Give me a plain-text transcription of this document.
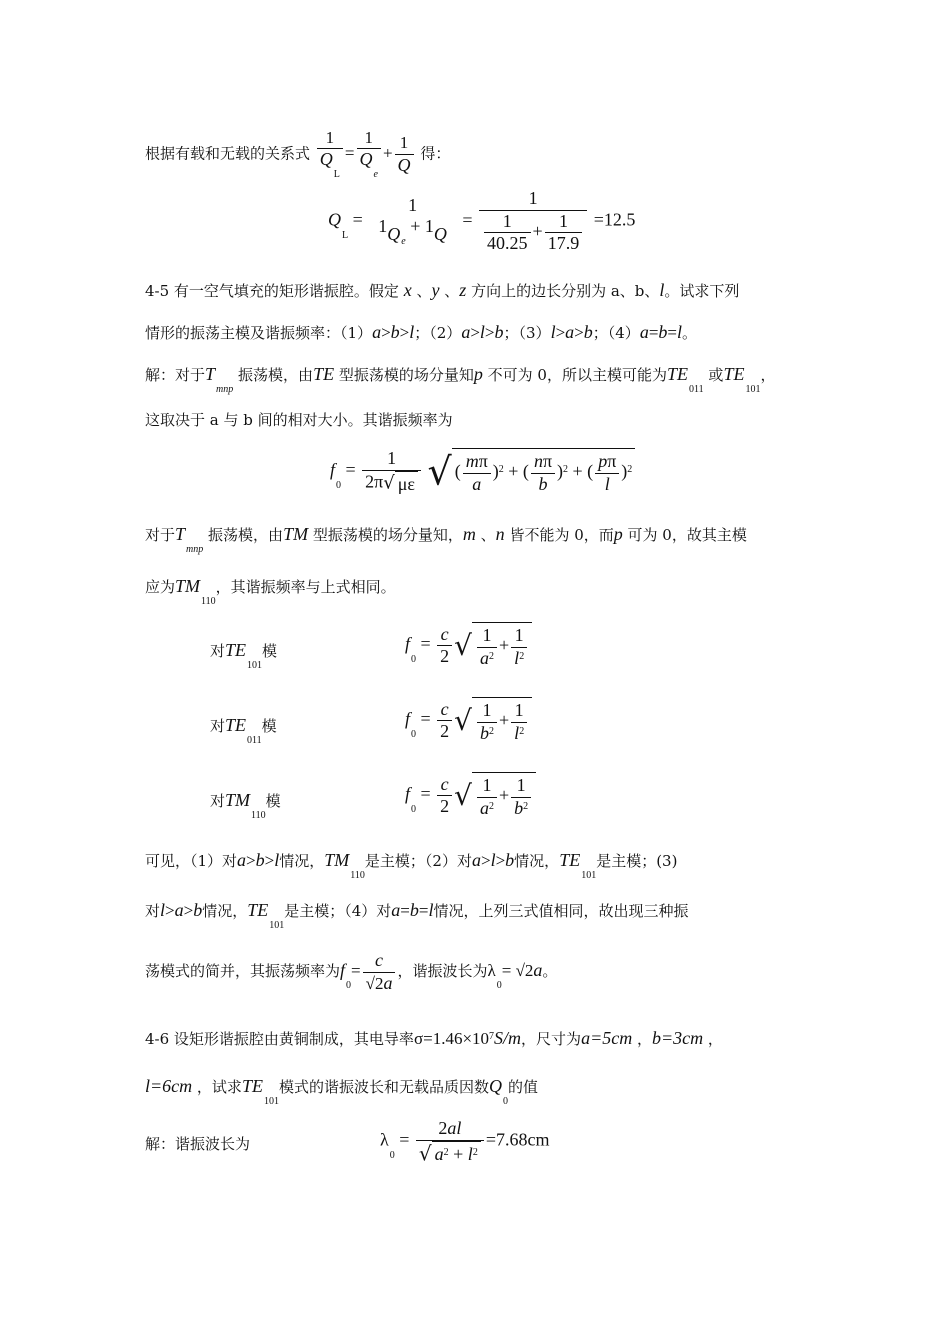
根据有载和无载的关系式 $\frac{1}{Q_L} = \frac{1}{Q_e} + \frac{1}{Q}$ 得：
$Q_L$ =
1
$1Q_e + 1Q$
= $\frac{1}{\frac{1}{40.25} + \frac{1}{17.9}} =12.5$
4-5 有一空气填充的矩形谐振腔。假定 x 、y 、z 方向上的边长分别为 a、b、l。试求下列
情形的振荡主模及谐振频率：（1）a>b>l；（2）a>l>b；（3）l>a>b；（4）a=b=l。
解：对于$T_{mnp}$ 振荡模，由TE 型振荡模的场分量知p 不可为 0，所以主模可能为$TE_{011}$ 或$TE_{101}$，
这取决于 a 与 b 间的相对大小。其谐振频率为
$f_0 = \frac{1}{2\pi√ \mu\varepsilon}$ √ ( $\frac{m\pi}{a} )^2$ + ( $\frac{n\pi}{b} )^2$ + ( $\frac{p\pi}{l} )^2$
对于$T_{mnp}$ 振荡模，由TM 型振荡模的场分量知，m 、n 皆不能为 0，而p 可为 0，故其主模
应为$TM_{110}$，其谐振频率与上式相同。
对$TE_{101}$模	$f_0 = \frac{c}{2}$ √ $\frac{1}{a^2} + \frac{1}{l^2}$
对$TE_{011}$模	$f_0 = \frac{c}{2}$ √ $\frac{1}{b^2} + \frac{1}{l^2}$
对$TM_{110}$模	$f_0 = \frac{c}{2}$ √ $\frac{1}{a^2} + \frac{1}{b^2}$
可见，（1）对a>b>l情况，$TM_{110}$是主模；（2）对a>l>b情况，$TE_{101}$是主模；(3)
对l>a>b情况，$TE_{101}$是主模；（4）对a=b=l情况，上列三式值相同，故出现三种振
荡模式的简并，其振荡频率为$f_0= \frac{c}{√2a}$ ，谐振波长为$\lambda_0= √2a$。
4-6 设矩形谐振腔由黄铜制成，其电导率$\sigma=1.46\times 10^7S/m$，尺寸为a=5cm ，b=3cm ，
l=6cm ，试求$TE_{101}$模式的谐振波长和无载品质因数$Q_0$的值
解：谐振波长为	$\lambda_0 = \frac{2al}{√ a^2 + l^2} =7.68cm$
